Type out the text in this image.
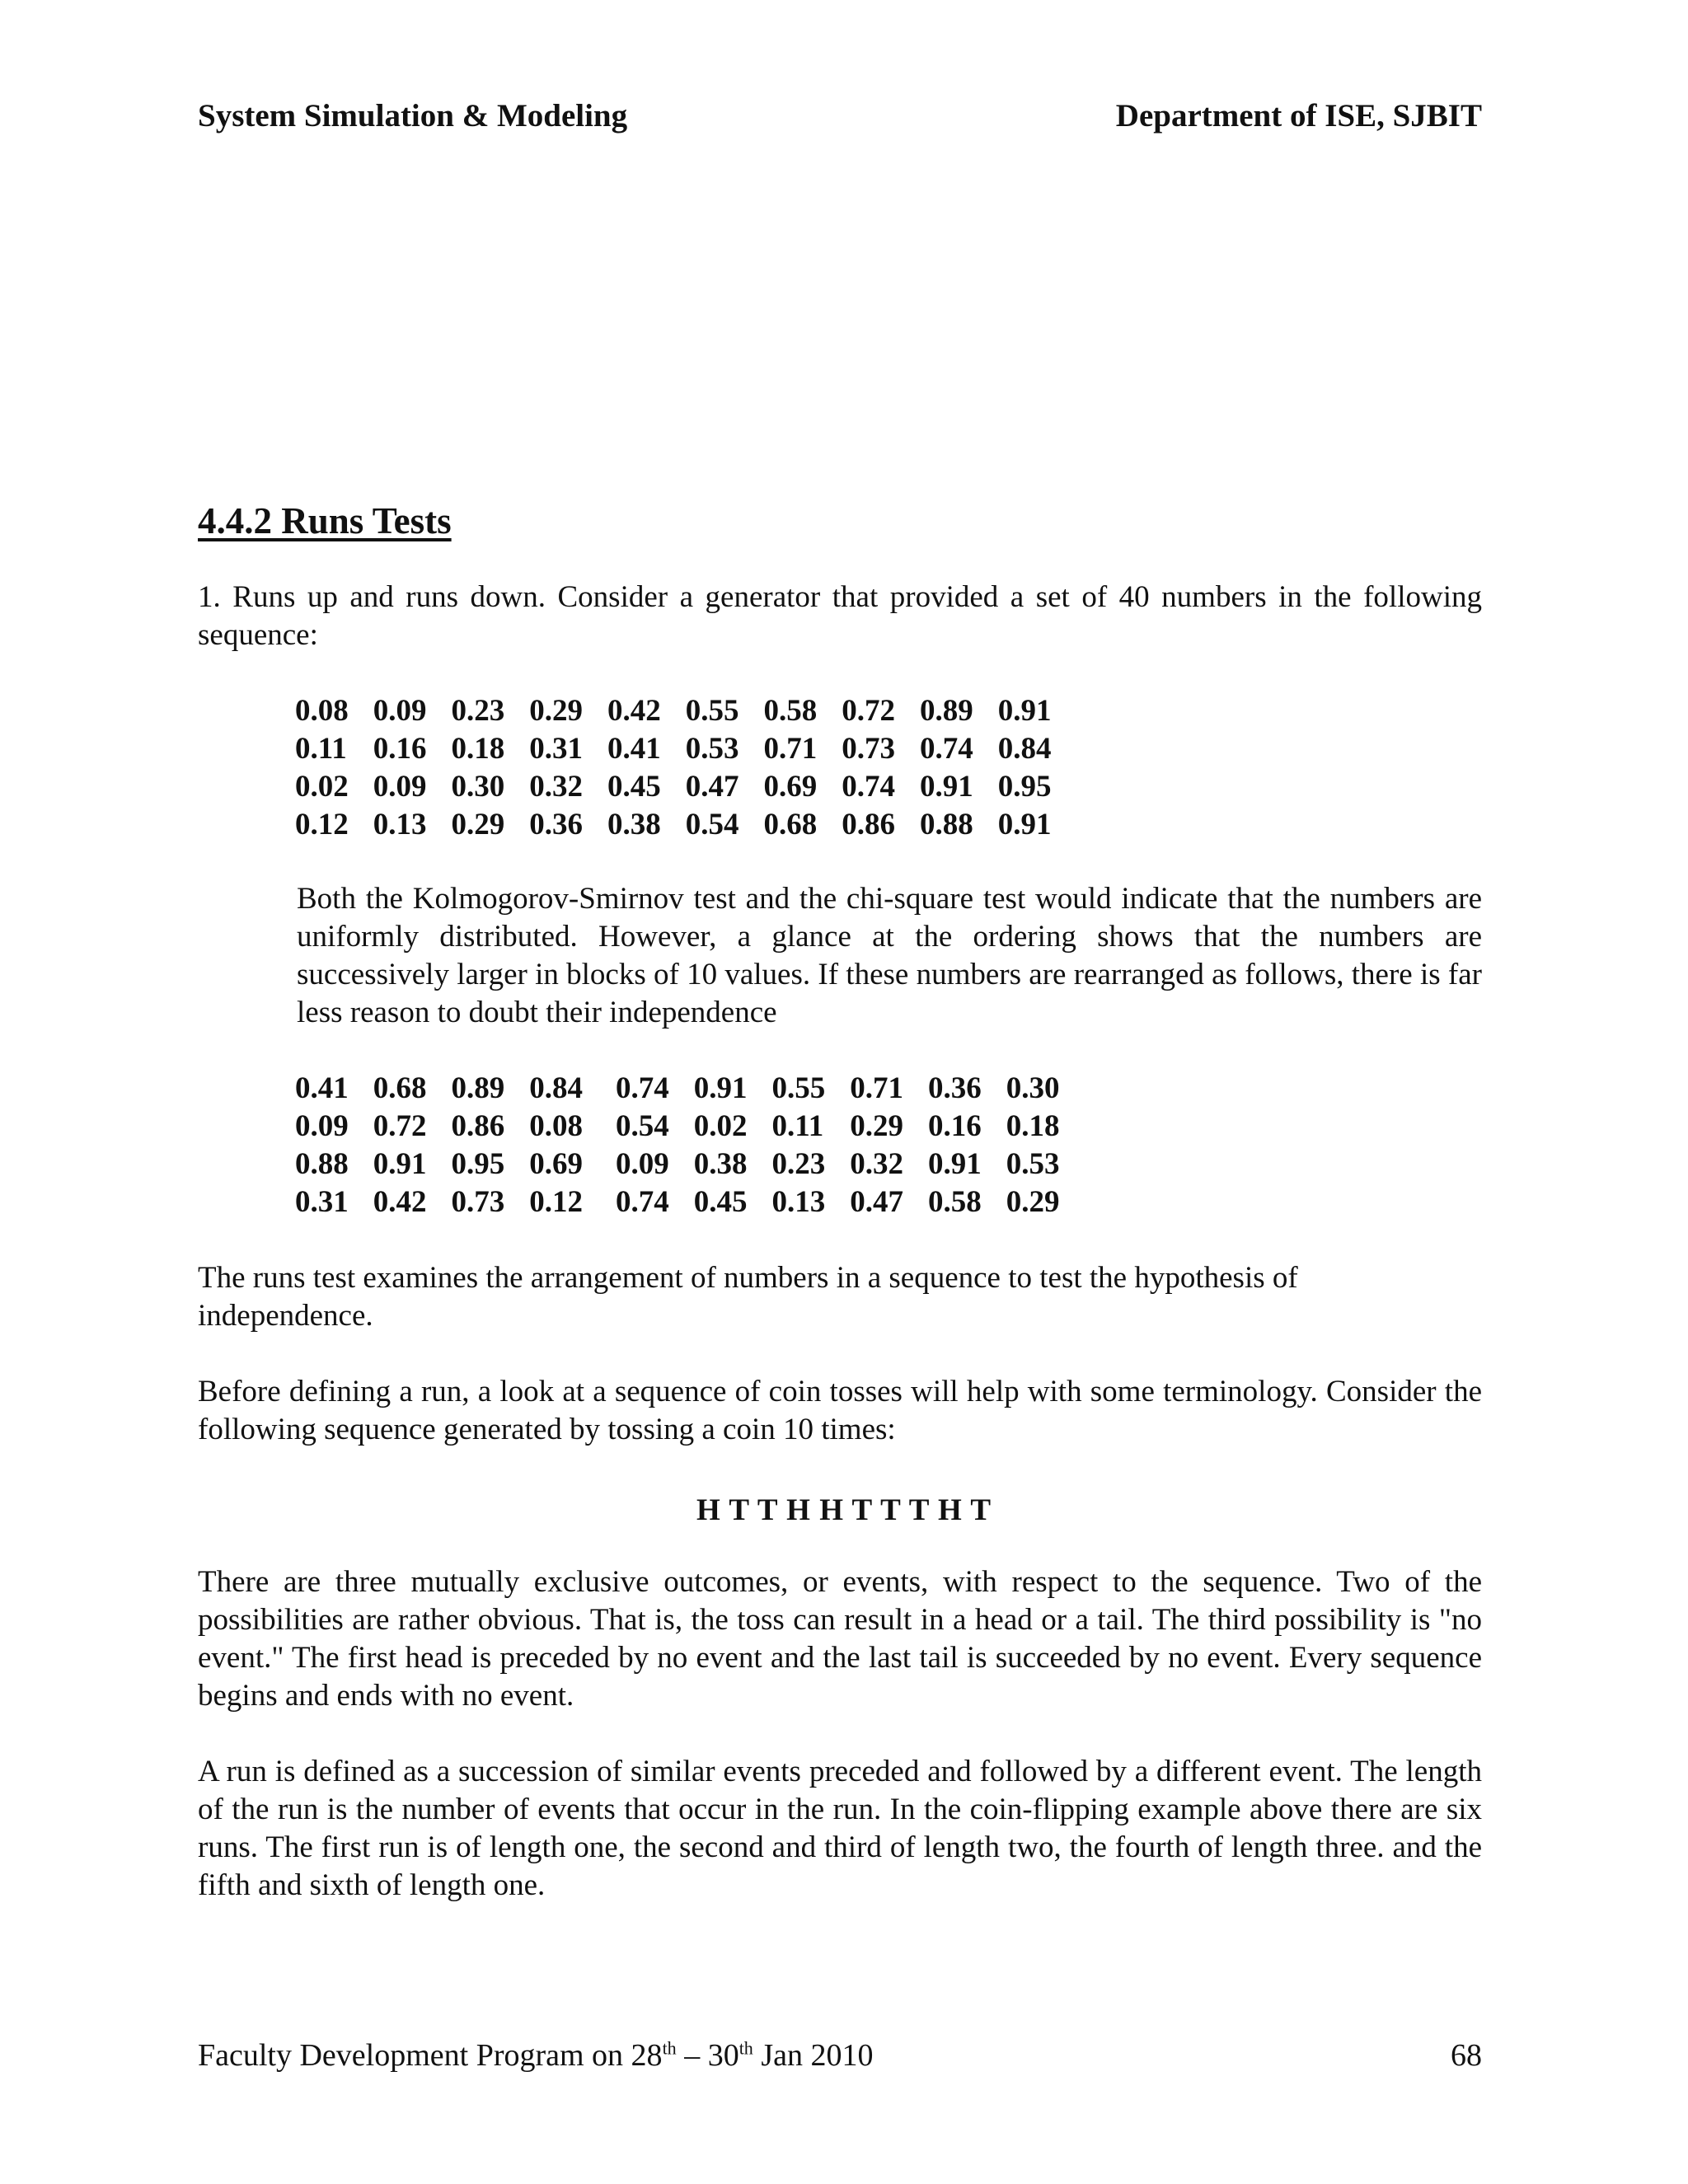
System Simulation & Modeling	Department of ISE, SJBIT
4.4.2 Runs Tests

1. Runs up and runs down. Consider a generator that provided a set of 40 numbers in the following sequence:

0.08	0.09	0.23	0.29	0.42	0.55	0.58	0.72	0.89	0.91
0.11	0.16	0.18	0.31	0.41	0.53	0.71	0.73	0.74	0.84
0.02	0.09	0.30	0.32	0.45	0.47	0.69	0.74	0.91	0.95
0.12	0.13	0.29	0.36	0.38	0.54	0.68	0.86	0.88	0.91

Both the Kolmogorov-Smirnov test and the chi-square test would indicate that the numbers are uniformly distributed. However, a glance at the ordering shows that the numbers are successively larger in blocks of 10 values. If these numbers are rearranged as follows, there is far less reason to doubt their independence

0.41	0.68	0.89	0.84	0.74	0.91	0.55	0.71	0.36	0.30
0.09	0.72	0.86	0.08	0.54	0.02	0.11	0.29	0.16	0.18
0.88	0.91	0.95	0.69	0.09	0.38	0.23	0.32	0.91	0.53
0.31	0.42	0.73	0.12	0.74	0.45	0.13	0.47	0.58	0.29

The runs test examines the arrangement of numbers in a sequence to test the hypothesis of independence.

Before defining a run, a look at a sequence of coin tosses will help with some terminology. Consider the following sequence generated by tossing a coin 10 times:

H T T H H T T T H T

There are three mutually exclusive outcomes, or events, with respect to the sequence. Two of the possibilities are rather obvious. That is, the toss can result in a head or a tail. The third possibility is "no event." The first head is preceded by no event and the last tail is succeeded by no event. Every sequence begins and ends with no event.

A run is defined as a succession of similar events preceded and followed by a different event. The length of the run is the number of events that occur in the run. In the coin-flipping example above there are six runs. The first run is of length one, the second and third of length two, the fourth of length three. and the fifth and sixth of length one.

Faculty Development Program on 28th – 30th Jan 2010	68
